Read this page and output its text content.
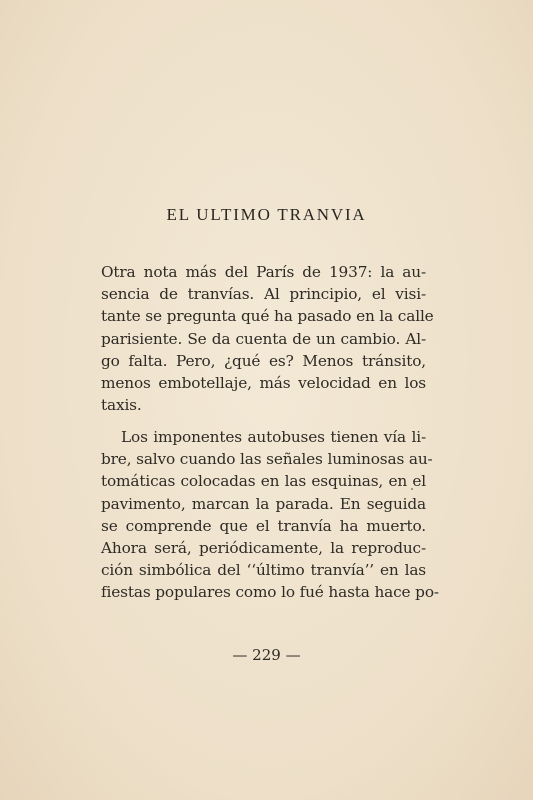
EL ULTIMO TRANVIA
Otra nota más del París de 1937: la au-
sencia de tranvías. Al principio, el visi-
tante se pregunta qué ha pasado en la calle
parisiente. Se da cuenta de un cambio. Al-
go falta. Pero, ¿qué es? Menos tránsito,
menos embotellaje, más velocidad en los
taxis.
Los imponentes autobuses tienen vía li-
bre, salvo cuando las señales luminosas au-
tomáticas colocadas en las esquinas, en el
pavimento, marcan la parada. En seguida
se comprende que el tranvía ha muerto.
Ahora será, periódicamente, la reproduc-
ción simbólica del ‘‘último tranvía’’ en las
fiestas populares como lo fué hasta hace po-
— 229 —
